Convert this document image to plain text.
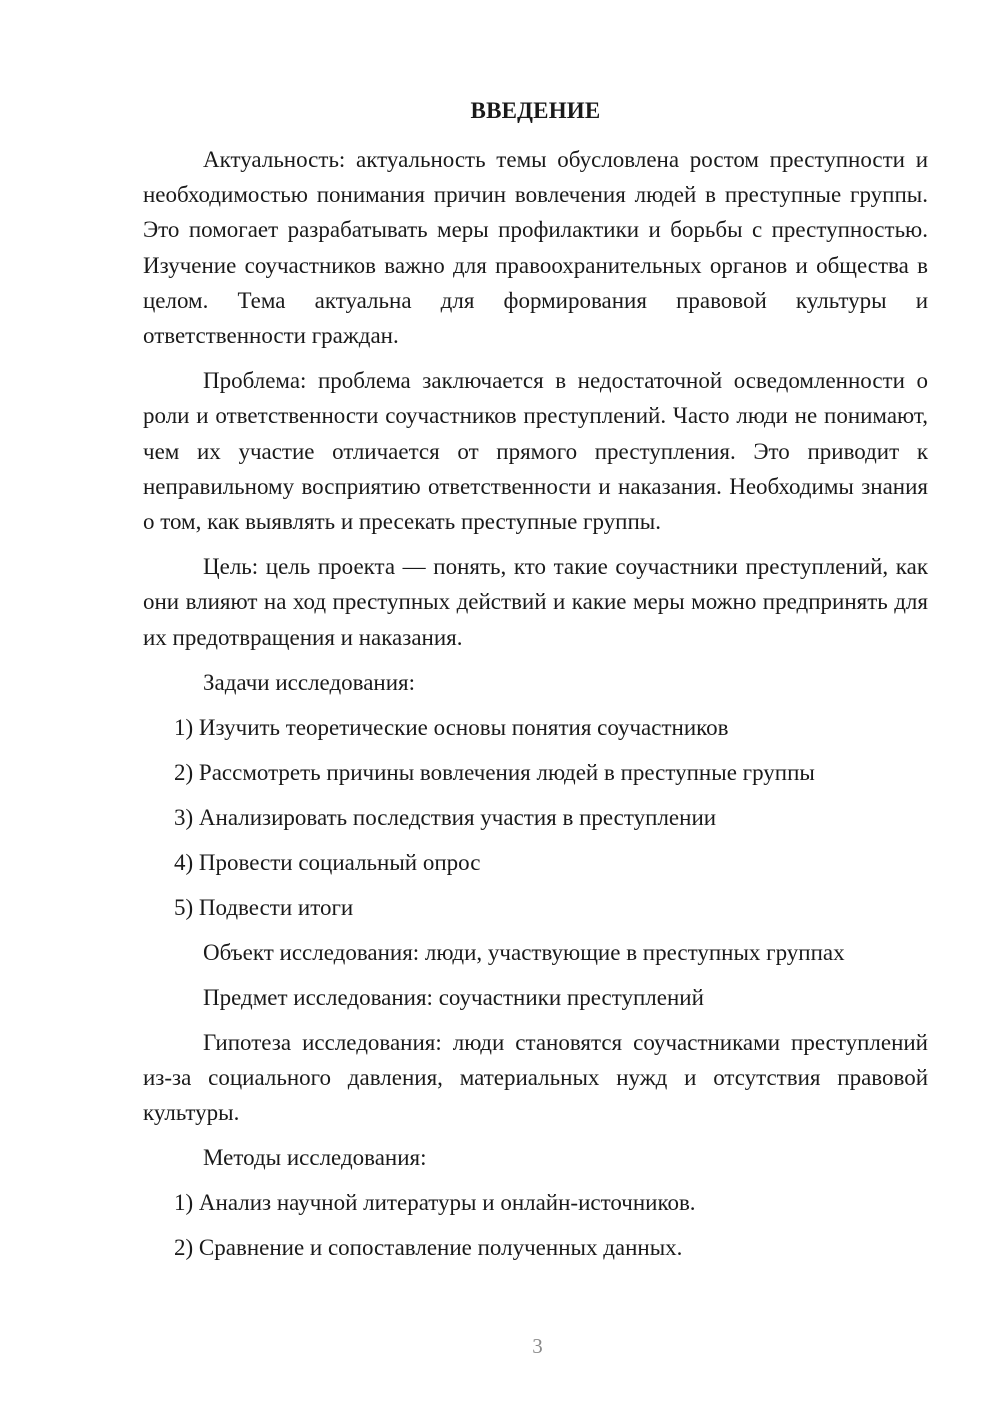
ВВЕДЕНИЕ

Актуальность: актуальность темы обусловлена ростом преступности и необходимостью понимания причин вовлечения людей в преступные группы. Это помогает разрабатывать меры профилактики и борьбы с преступностью. Изучение соучастников важно для правоохранительных органов и общества в целом. Тема актуальна для формирования правовой культуры и ответственности граждан.

Проблема: проблема заключается в недостаточной осведомленности о роли и ответственности соучастников преступлений. Часто люди не понимают, чем их участие отличается от прямого преступления. Это приводит к неправильному восприятию ответственности и наказания. Необходимы знания о том, как выявлять и пресекать преступные группы.

Цель: цель проекта — понять, кто такие соучастники преступлений, как они влияют на ход преступных действий и какие меры можно предпринять для их предотвращения и наказания.

Задачи исследования:

1) Изучить теоретические основы понятия соучастников

2) Рассмотреть причины вовлечения людей в преступные группы

3) Анализировать последствия участия в преступлении

4) Провести социальный опрос

5) Подвести итоги

Объект исследования: люди, участвующие в преступных группах

Предмет исследования: соучастники преступлений

Гипотеза исследования: люди становятся соучастниками преступлений из-за социального давления, материальных нужд и отсутствия правовой культуры.

Методы исследования:

1) Анализ научной литературы и онлайн-источников.

2) Сравнение и сопоставление полученных данных.

3
